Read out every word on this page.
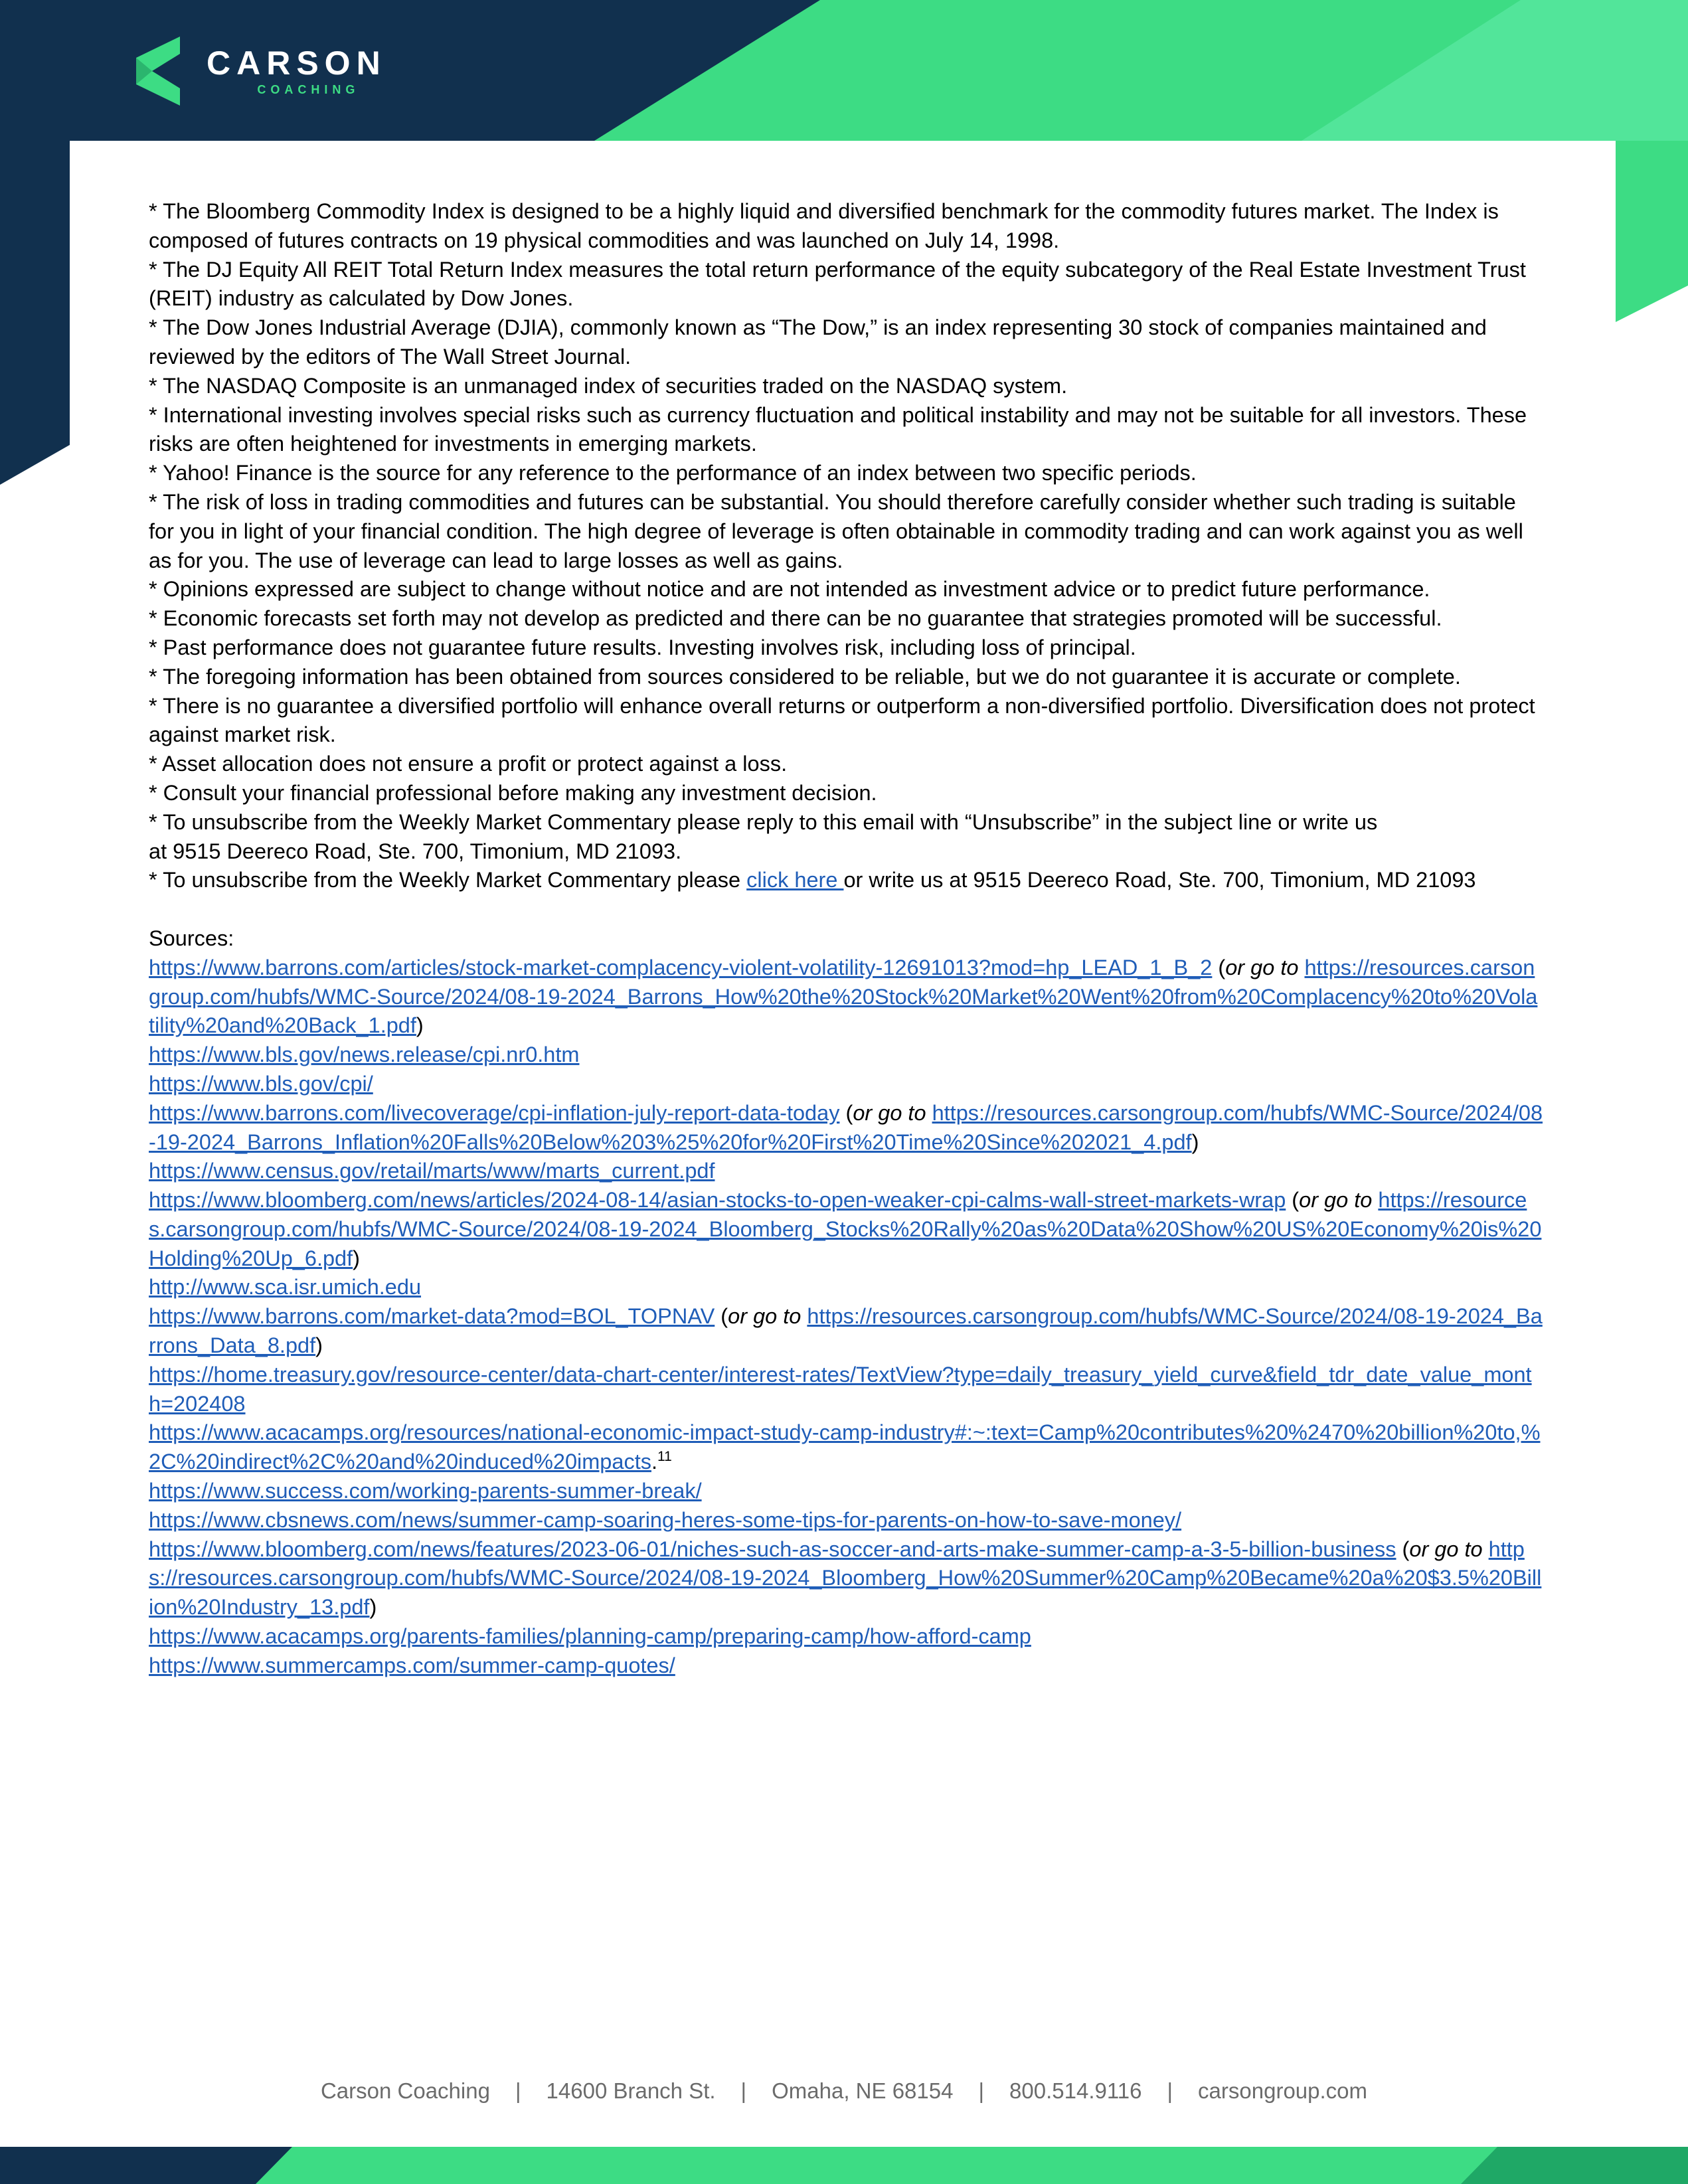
CARSON
COACHING

* The Bloomberg Commodity Index is designed to be a highly liquid and diversified benchmark for the commodity futures market. The Index is composed of futures contracts on 19 physical commodities and was launched on July 14, 1998.

* The DJ Equity All REIT Total Return Index measures the total return performance of the equity subcategory of the Real Estate Investment Trust (REIT) industry as calculated by Dow Jones.

* The Dow Jones Industrial Average (DJIA), commonly known as “The Dow,” is an index representing 30 stock of companies maintained and reviewed by the editors of The Wall Street Journal.

* The NASDAQ Composite is an unmanaged index of securities traded on the NASDAQ system.

* International investing involves special risks such as currency fluctuation and political instability and may not be suitable for all investors. These risks are often heightened for investments in emerging markets.

* Yahoo! Finance is the source for any reference to the performance of an index between two specific periods.

* The risk of loss in trading commodities and futures can be substantial. You should therefore carefully consider whether such trading is suitable for you in light of your financial condition. The high degree of leverage is often obtainable in commodity trading and can work against you as well as for you. The use of leverage can lead to large losses as well as gains.

* Opinions expressed are subject to change without notice and are not intended as investment advice or to predict future performance.

* Economic forecasts set forth may not develop as predicted and there can be no guarantee that strategies promoted will be successful.

* Past performance does not guarantee future results. Investing involves risk, including loss of principal.

* The foregoing information has been obtained from sources considered to be reliable, but we do not guarantee it is accurate or complete.

* There is no guarantee a diversified portfolio will enhance overall returns or outperform a non-diversified portfolio. Diversification does not protect against market risk.

* Asset allocation does not ensure a profit or protect against a loss.

* Consult your financial professional before making any investment decision.

* To unsubscribe from the Weekly Market Commentary please reply to this email with “Unsubscribe” in the subject line or write us
at 9515 Deereco Road, Ste. 700, Timonium, MD 21093.

* To unsubscribe from the Weekly Market Commentary please click here or write us at 9515 Deereco Road, Ste. 700, Timonium, MD 21093

Sources:

https://www.barrons.com/articles/stock-market-complacency-violent-volatility-12691013?mod=hp_LEAD_1_B_2 (or go to https://resources.carsongroup.com/hubfs/WMC-Source/2024/08-19-2024_Barrons_How%20the%20Stock%20Market%20Went%20from%20Complacency%20to%20Volatility%20and%20Back_1.pdf)

https://www.bls.gov/news.release/cpi.nr0.htm

https://www.bls.gov/cpi/

https://www.barrons.com/livecoverage/cpi-inflation-july-report-data-today (or go to https://resources.carsongroup.com/hubfs/WMC-Source/2024/08-19-2024_Barrons_Inflation%20Falls%20Below%203%25%20for%20First%20Time%20Since%202021_4.pdf)

https://www.census.gov/retail/marts/www/marts_current.pdf

https://www.bloomberg.com/news/articles/2024-08-14/asian-stocks-to-open-weaker-cpi-calms-wall-street-markets-wrap (or go to https://resources.carsongroup.com/hubfs/WMC-Source/2024/08-19-2024_Bloomberg_Stocks%20Rally%20as%20Data%20Show%20US%20Economy%20is%20Holding%20Up_6.pdf)

http://www.sca.isr.umich.edu

https://www.barrons.com/market-data?mod=BOL_TOPNAV (or go to https://resources.carsongroup.com/hubfs/WMC-Source/2024/08-19-2024_Barrons_Data_8.pdf)

https://home.treasury.gov/resource-center/data-chart-center/interest-rates/TextView?type=daily_treasury_yield_curve&field_tdr_date_value_month=202408

https://www.acacamps.org/resources/national-economic-impact-study-camp-industry#:~:text=Camp%20contributes%20%2470%20billion%20to,%2C%20indirect%2C%20and%20induced%20impacts.$^{11}$

https://www.success.com/working-parents-summer-break/

https://www.cbsnews.com/news/summer-camp-soaring-heres-some-tips-for-parents-on-how-to-save-money/

https://www.bloomberg.com/news/features/2023-06-01/niches-such-as-soccer-and-arts-make-summer-camp-a-3-5-billion-business (or go to https://resources.carsongroup.com/hubfs/WMC-Source/2024/08-19-2024_Bloomberg_How%20Summer%20Camp%20Became%20a%20$3.5%20Billion%20Industry_13.pdf)

https://www.acacamps.org/parents-families/planning-camp/preparing-camp/how-afford-camp

https://www.summercamps.com/summer-camp-quotes/

Carson Coaching | 14600 Branch St. | Omaha, NE 68154 | 800.514.9116 | carsongroup.com
